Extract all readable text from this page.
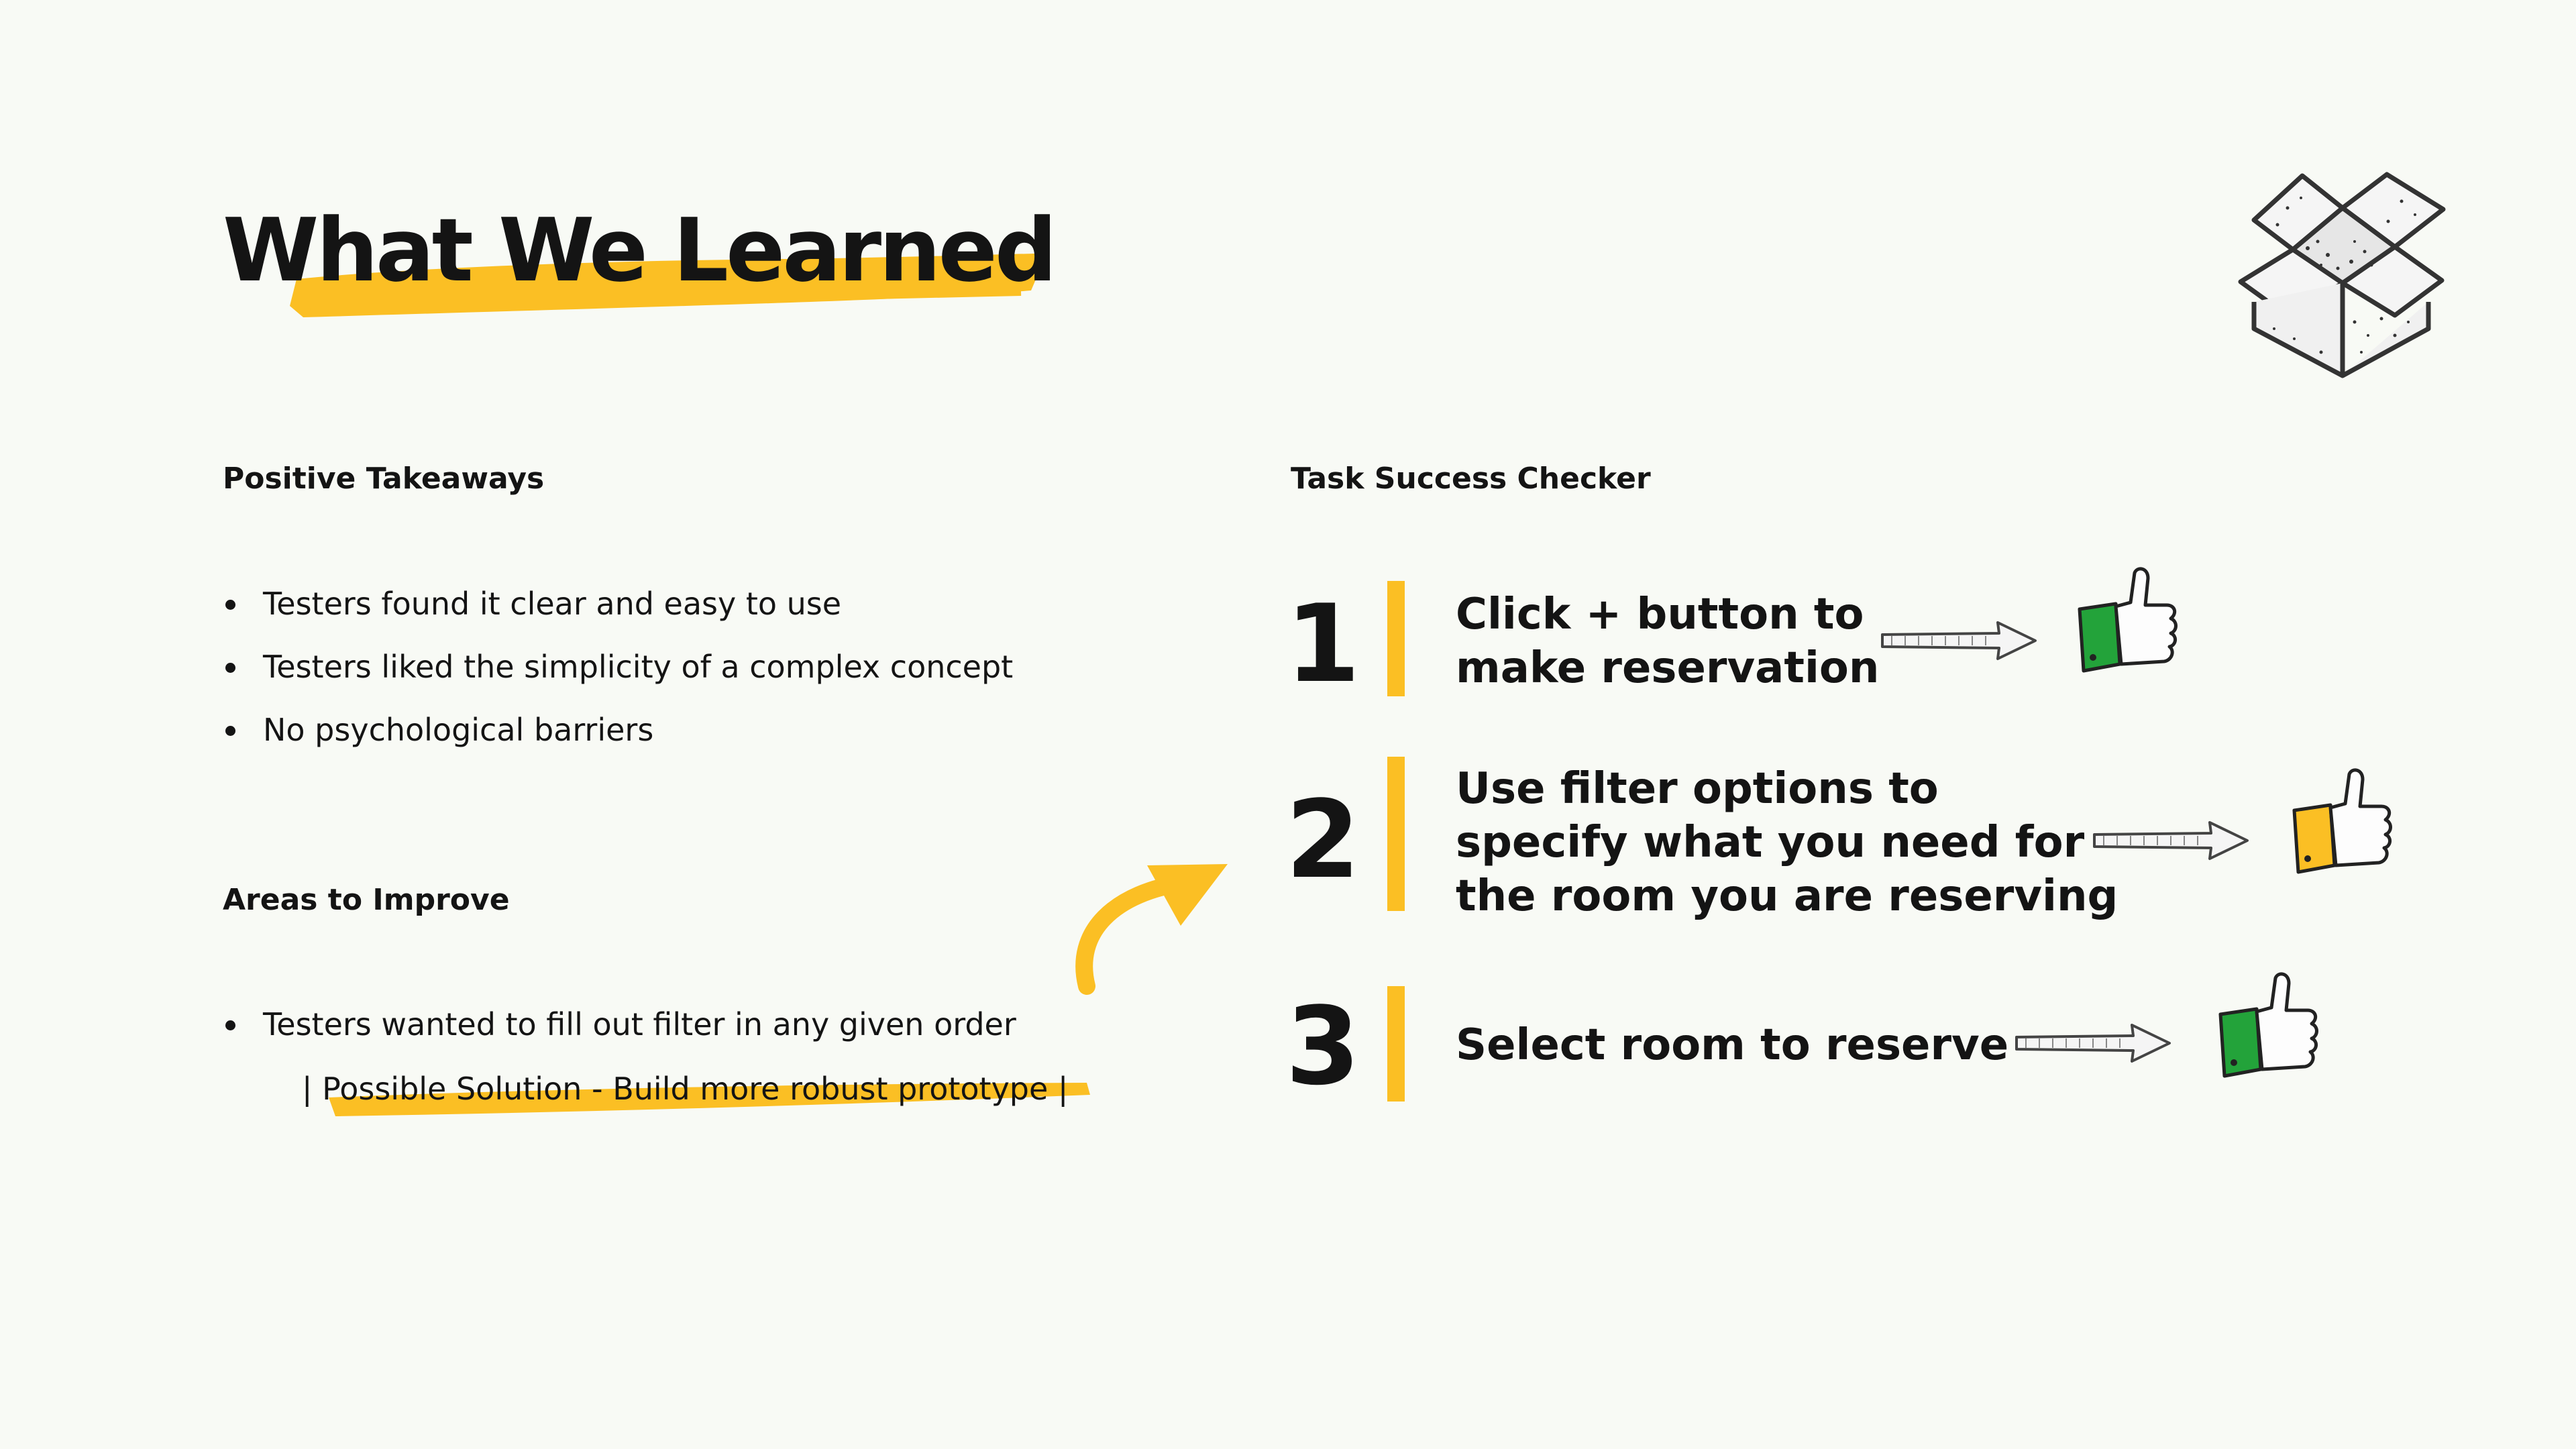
What We Learned
Positive Takeaways
Testers found it clear and easy to use
Testers liked the simplicity of a complex concept
No psychological barriers
Areas to Improve
Testers wanted to fill out filter in any given order
| Possible Solution - Build more robust prototype |
Task Success Checker
1 Click + button to
make reservation
2 Use filter options to
specify what you need for
the room you are reserving
3 Select room to reserve
